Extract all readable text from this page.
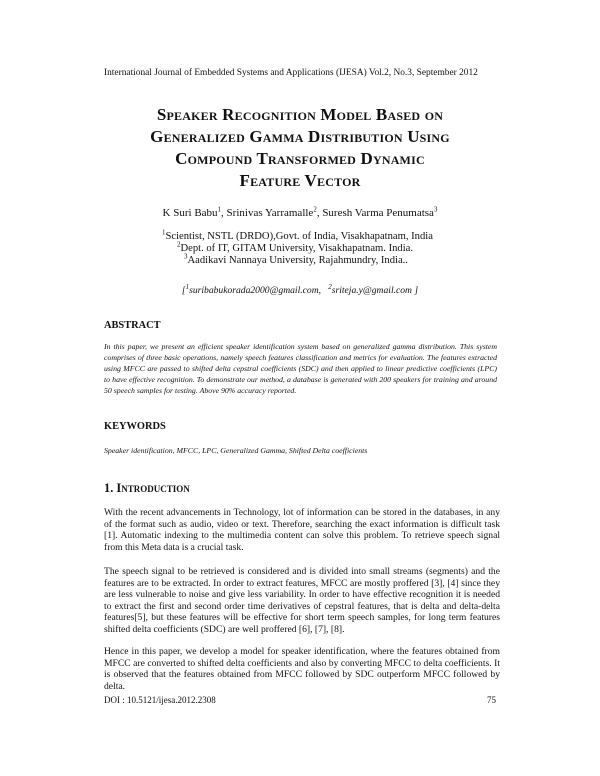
International Journal of Embedded Systems and Applications (IJESA) Vol.2, No.3, September 2012
Speaker Recognition Model Based on
Generalized Gamma Distribution Using
Compound Transformed Dynamic
Feature Vector
K Suri Babu$^1$, Srinivas Yarramalle$^2$, Suresh Varma Penumatsa$^3$
$^1$Scientist, NSTL (DRDO),Govt. of India, Visakhapatnam, India
$^2$Dept. of IT, GITAM University, Visakhapatnam. India.
$^3$Aadikavi Nannaya University, Rajahmundry, India..
[$^1$suribabukorada2000@gmail.com, $^2$sriteja.y@gmail.com ]
ABSTRACT
In this paper, we present an efficient speaker identification system based on generalized gamma distribution. This system comprises of three basic operations, namely speech features classification and metrics for evaluation. The features extracted using MFCC are passed to shifted delta cepstral coefficients (SDC) and then applied to linear predictive coefficients (LPC) to have effective recognition. To demonstrate our method, a database is generated with 200 speakers for training and around 50 speech samples for testing. Above 90% accuracy reported.
KEYWORDS
Speaker identification, MFCC, LPC, Generalized Gamma, Shifted Delta coefficients
1. Introduction

With the recent advancements in Technology, lot of information can be stored in the databases, in any of the format such as audio, video or text. Therefore, searching the exact information is difficult task [1]. Automatic indexing to the multimedia content can solve this problem. To retrieve speech signal from this Meta data is a crucial task.

The speech signal to be retrieved is considered and is divided into small streams (segments) and the features are to be extracted. In order to extract features, MFCC are mostly proffered [3], [4] since they are less vulnerable to noise and give less variability. In order to have effective recognition it is needed to extract the first and second order time derivatives of cepstral features, that is delta and delta-delta features[5], but these features will be effective for short term speech samples, for long term features shifted delta coefficients (SDC) are well proffered [6], [7], [8].

Hence in this paper, we develop a model for speaker identification, where the features obtained from MFCC are converted to shifted delta coefficients and also by converting MFCC to delta coefficients. It is observed that the features obtained from MFCC followed by SDC outperform MFCC followed by delta.

DOI : 10.5121/ijesa.2012.2308	75
